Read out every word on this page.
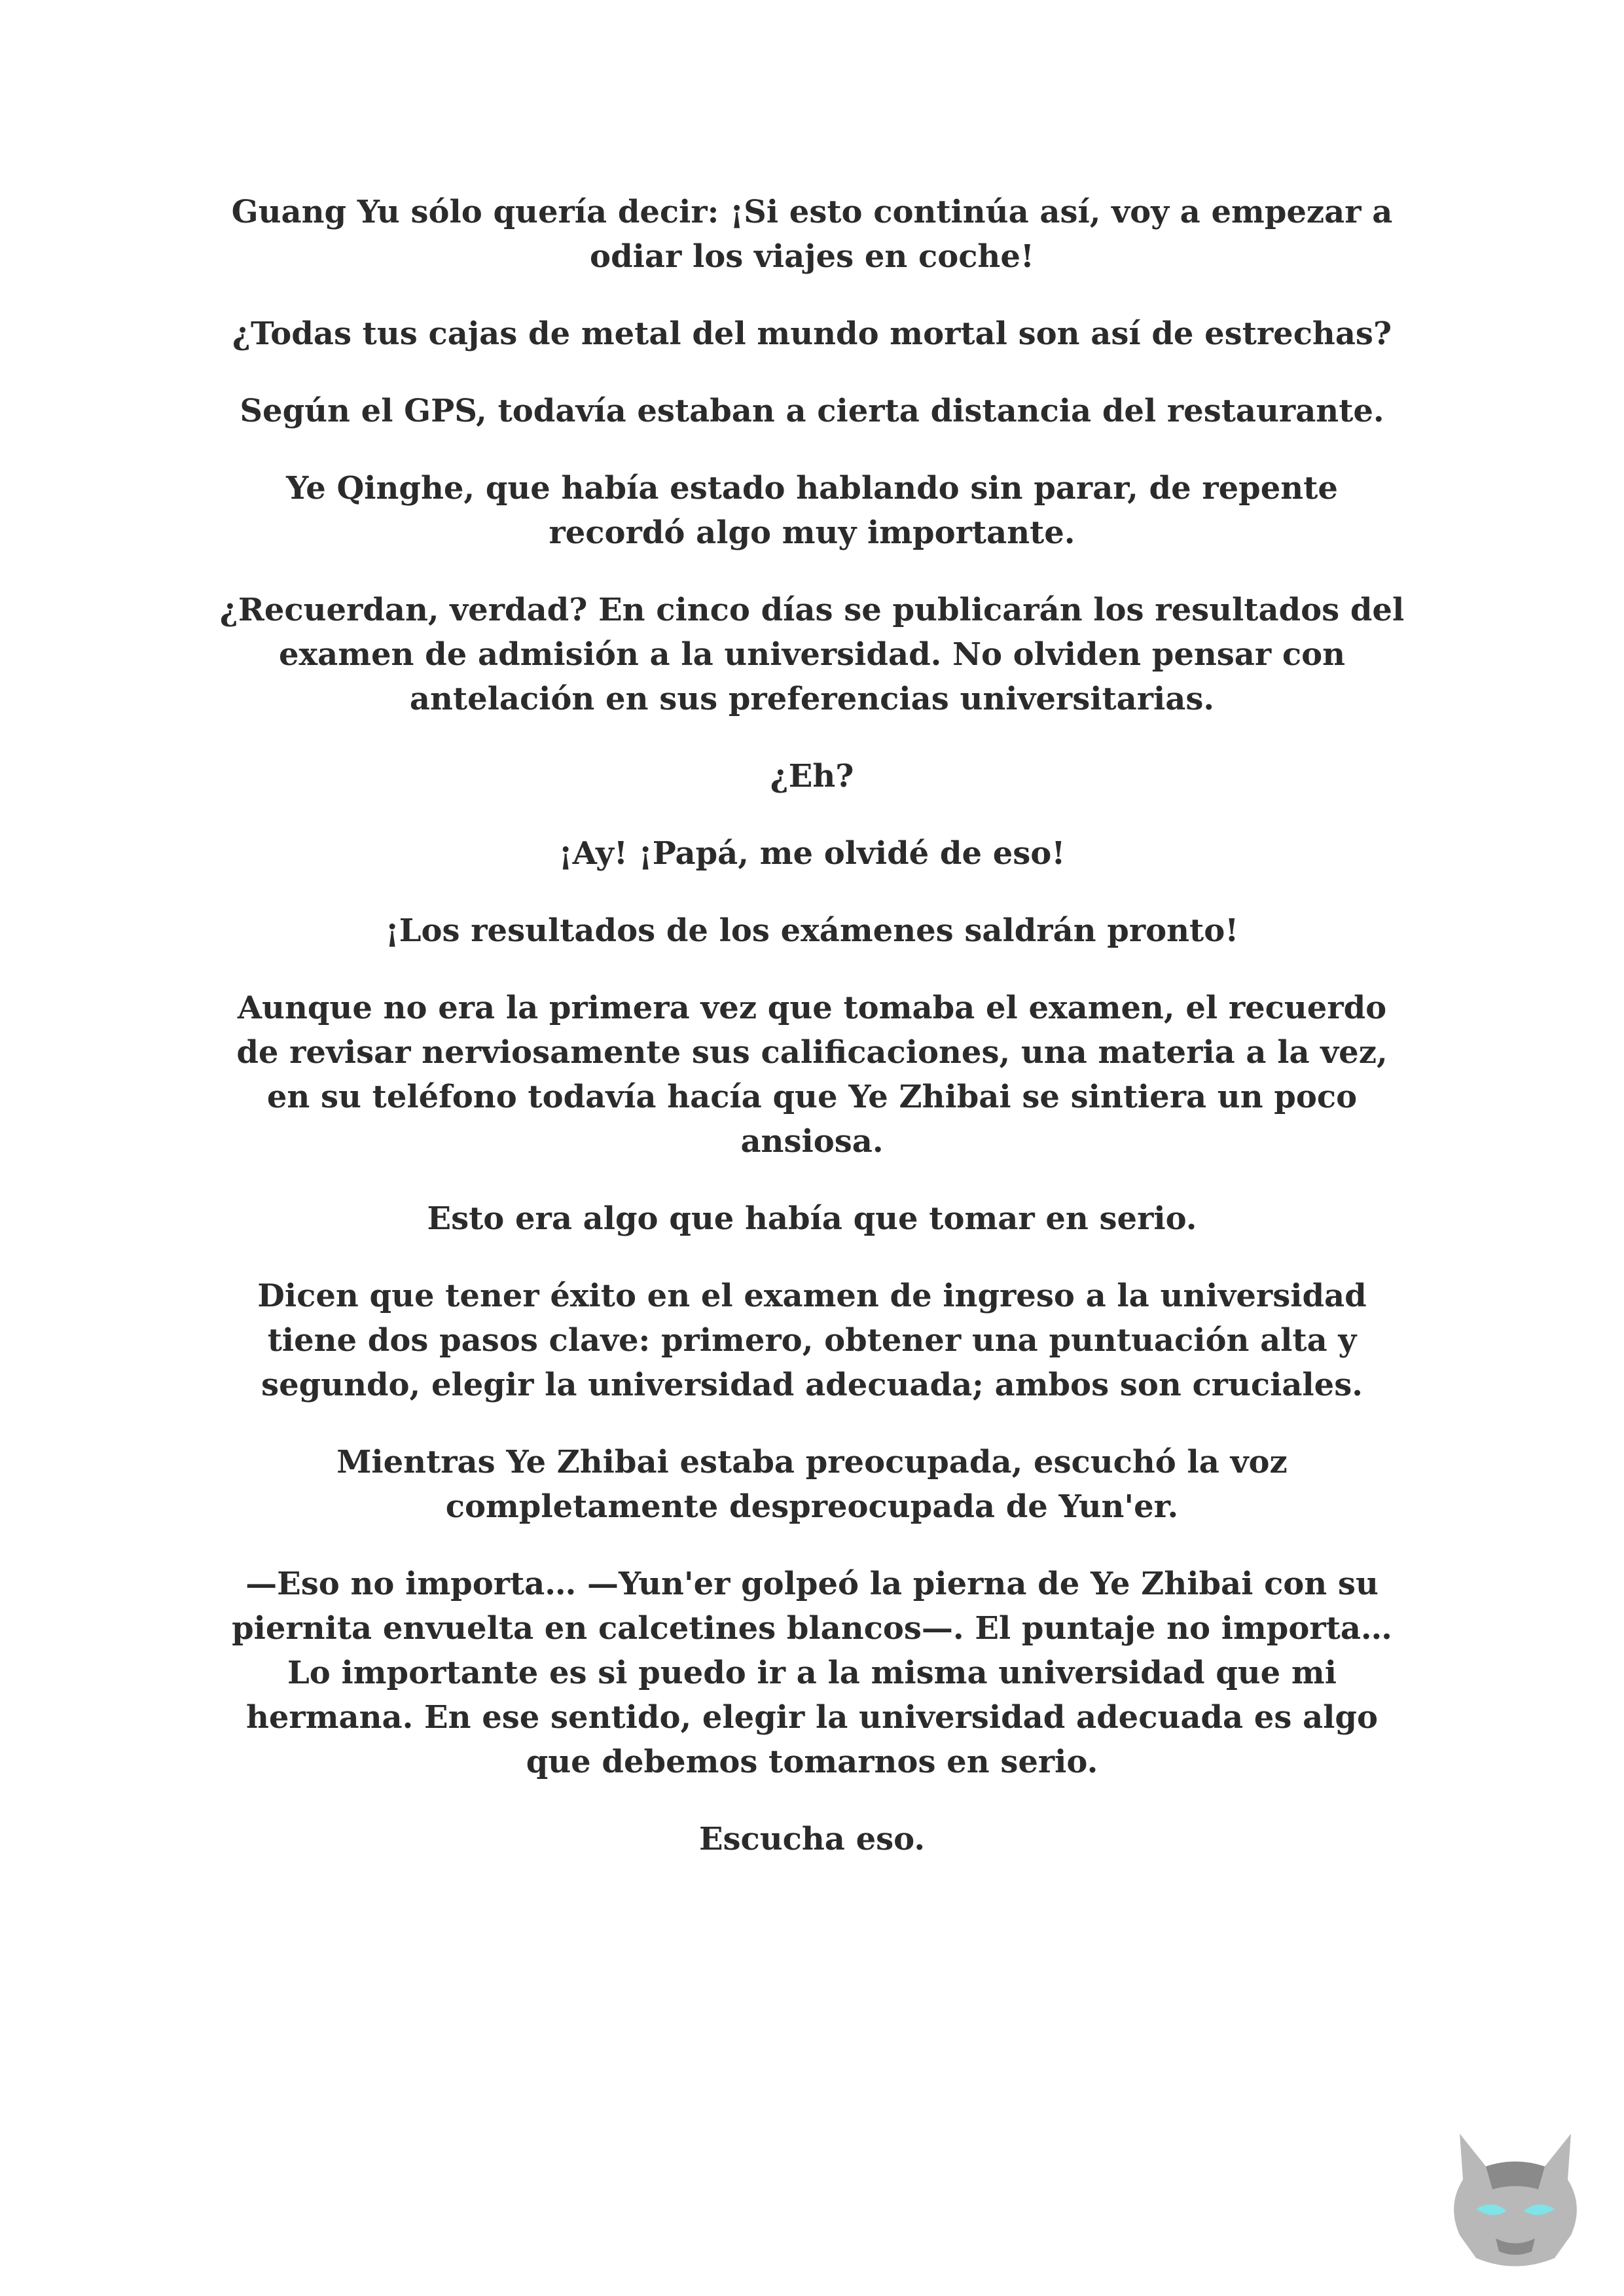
Guang Yu sólo quería decir: ¡Si esto continúa así, voy a empezar a odiar los viajes en coche!

¿Todas tus cajas de metal del mundo mortal son así de estrechas?

Según el GPS, todavía estaban a cierta distancia del restaurante.

Ye Qinghe, que había estado hablando sin parar, de repente recordó algo muy importante.

¿Recuerdan, verdad? En cinco días se publicarán los resultados del examen de admisión a la universidad. No olviden pensar con antelación en sus preferencias universitarias.

¿Eh?

¡Ay! ¡Papá, me olvidé de eso!

¡Los resultados de los exámenes saldrán pronto!

Aunque no era la primera vez que tomaba el examen, el recuerdo de revisar nerviosamente sus calificaciones, una materia a la vez, en su teléfono todavía hacía que Ye Zhibai se sintiera un poco ansiosa.

Esto era algo que había que tomar en serio.

Dicen que tener éxito en el examen de ingreso a la universidad tiene dos pasos clave: primero, obtener una puntuación alta y segundo, elegir la universidad adecuada; ambos son cruciales.

Mientras Ye Zhibai estaba preocupada, escuchó la voz completamente despreocupada de Yun'er.

—Eso no importa… —Yun'er golpeó la pierna de Ye Zhibai con su piernita envuelta en calcetines blancos—. El puntaje no importa… Lo importante es si puedo ir a la misma universidad que mi hermana. En ese sentido, elegir la universidad adecuada es algo que debemos tomarnos en serio.

Escucha eso.
